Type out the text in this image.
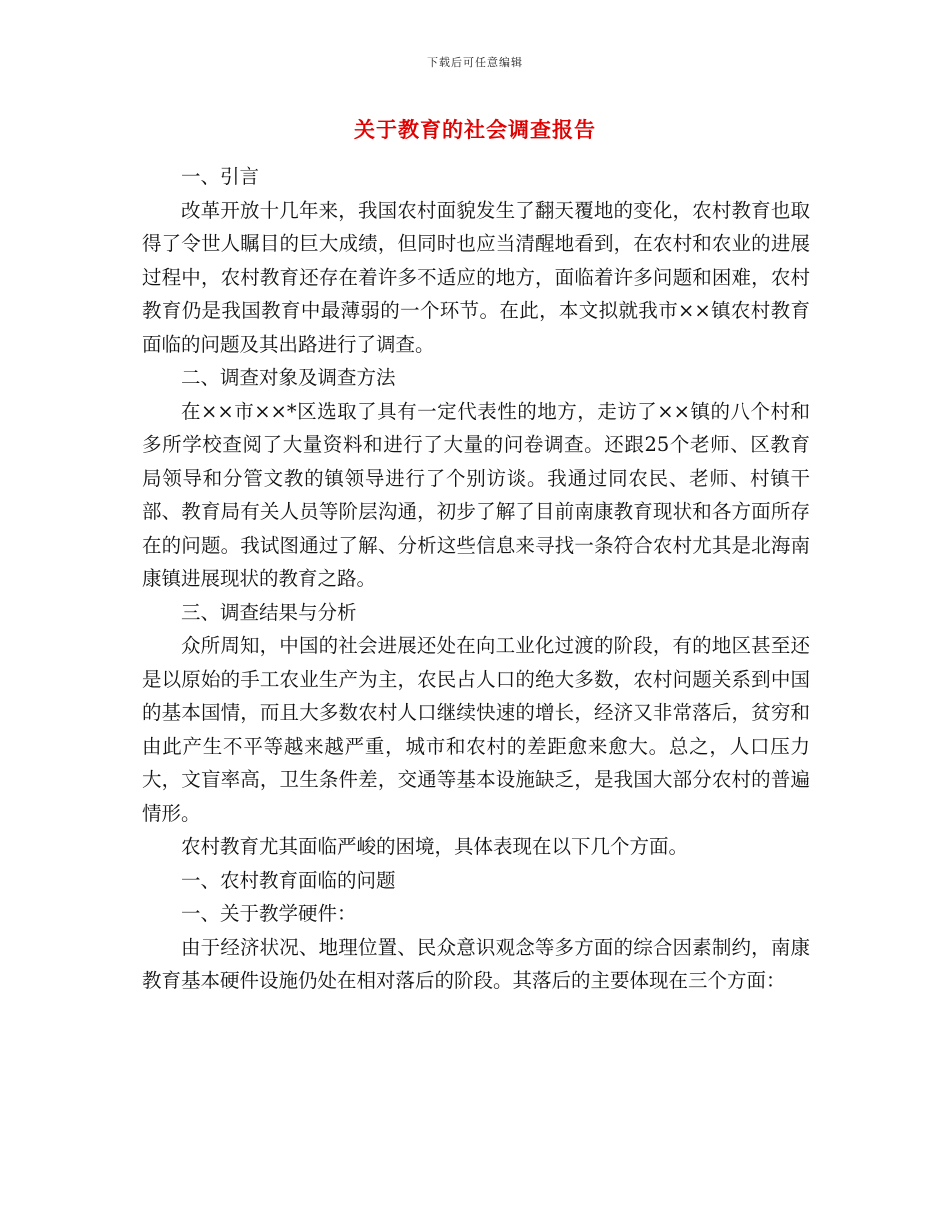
下载后可任意编辑
关于教育的社会调查报告

一、引言

改革开放十几年来，我国农村面貌发生了翻天覆地的变化，农村教育也取得了令世人瞩目的巨大成绩，但同时也应当清醒地看到，在农村和农业的进展过程中，农村教育还存在着许多不适应的地方，面临着许多问题和困难，农村教育仍是我国教育中最薄弱的一个环节。在此，本文拟就我市××镇农村教育面临的问题及其出路进行了调查。

二、调查对象及调查方法

在××市××*区选取了具有一定代表性的地方，走访了××镇的八个村和多所学校查阅了大量资料和进行了大量的问卷调查。还跟25个老师、区教育局领导和分管文教的镇领导进行了个别访谈。我通过同农民、老师、村镇干部、教育局有关人员等阶层沟通，初步了解了目前南康教育现状和各方面所存在的问题。我试图通过了解、分析这些信息来寻找一条符合农村尤其是北海南康镇进展现状的教育之路。

三、调查结果与分析

众所周知，中国的社会进展还处在向工业化过渡的阶段，有的地区甚至还是以原始的手工农业生产为主，农民占人口的绝大多数，农村问题关系到中国的基本国情，而且大多数农村人口继续快速的增长，经济又非常落后，贫穷和由此产生不平等越来越严重，城市和农村的差距愈来愈大。总之，人口压力大，文盲率高，卫生条件差，交通等基本设施缺乏，是我国大部分农村的普遍情形。

农村教育尤其面临严峻的困境，具体表现在以下几个方面。

一、农村教育面临的问题

一、关于教学硬件：

由于经济状况、地理位置、民众意识观念等多方面的综合因素制约，南康教育基本硬件设施仍处在相对落后的阶段。其落后的主要体现在三个方面：
